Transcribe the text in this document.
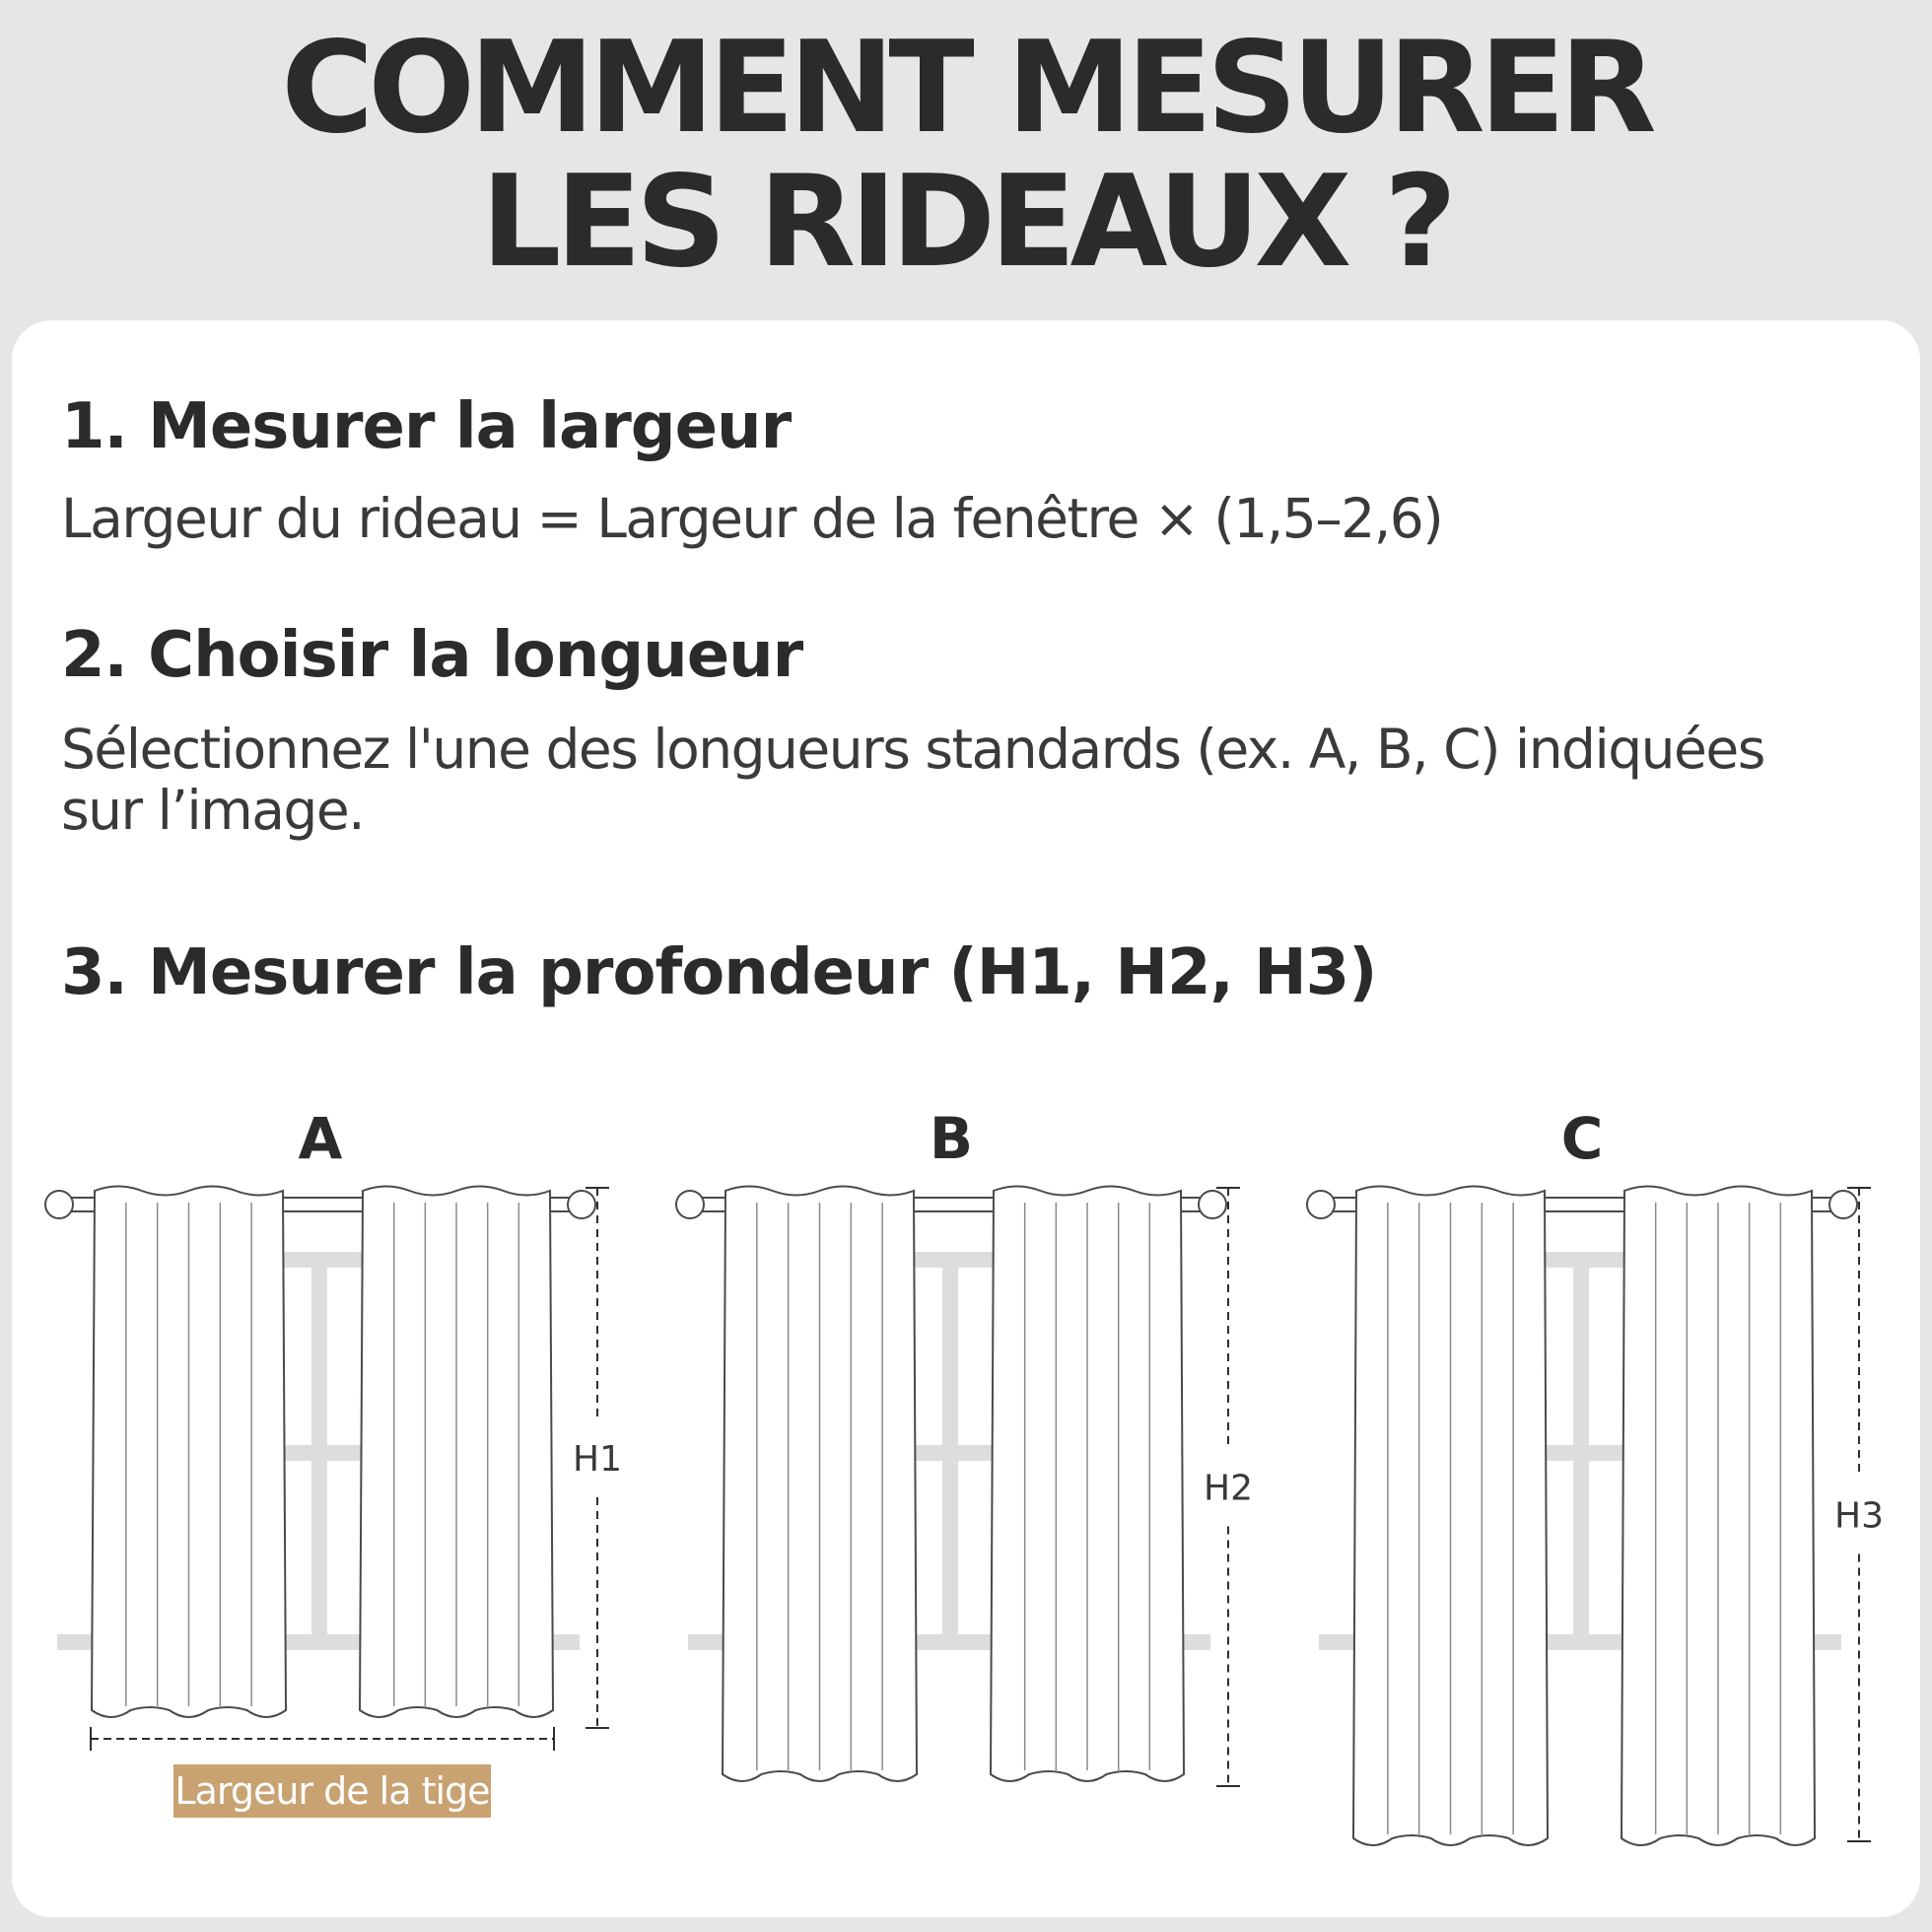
COMMENT MESURER
LES RIDEAUX ?
1. Mesurer la largeur
Largeur du rideau = Largeur de la fenêtre × (1,5–2,6)
2. Choisir la longueur
Sélectionnez l'une des longueurs standards (ex. A, B, C) indiquées
sur l’image.
3. Mesurer la profondeur (H1, H2, H3)
H1
A
H2
B
H3
C
Largeur de la tige
